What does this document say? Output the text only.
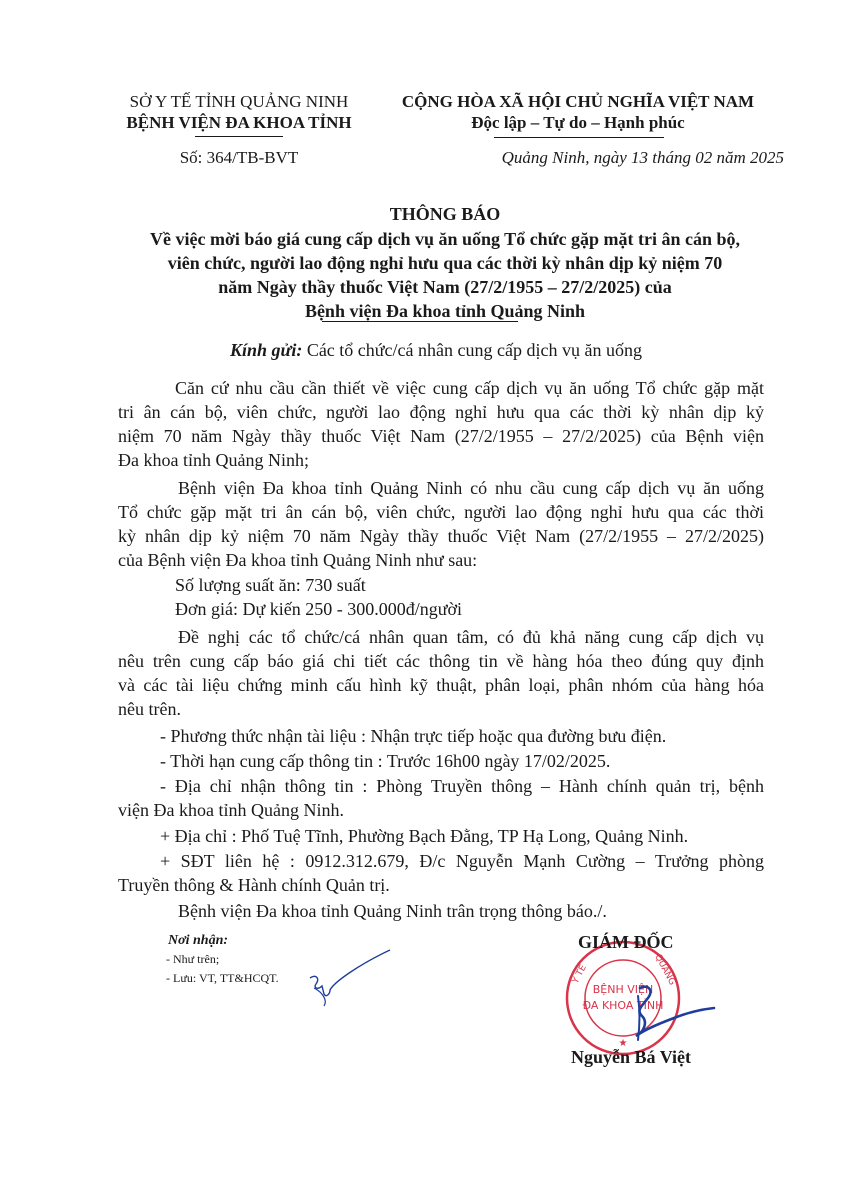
SỞ Y TẾ TỈNH QUẢNG NINH
BỆNH VIỆN ĐA KHOA TỈNH
Số: 364/TB-BVT
CỘNG HÒA XÃ HỘI CHỦ NGHĨA VIỆT NAM
Độc lập – Tự do – Hạnh phúc
Quảng Ninh, ngày 13 tháng 02 năm 2025
THÔNG BÁO
Về việc mời báo giá cung cấp dịch vụ ăn uống Tổ chức gặp mặt tri ân cán bộ,
viên chức, người lao động nghỉ hưu qua các thời kỳ nhân dịp kỷ niệm 70
năm Ngày thầy thuốc Việt Nam (27/2/1955 – 27/2/2025) của
Bệnh viện Đa khoa tỉnh Quảng Ninh
Kính gửi: Các tổ chức/cá nhân cung cấp dịch vụ ăn uống
Căn cứ nhu cầu cần thiết về việc cung cấp dịch vụ ăn uống Tổ chức gặp mặt
tri ân cán bộ, viên chức, người lao động nghỉ hưu qua các thời kỳ nhân dịp kỷ
niệm 70 năm Ngày thầy thuốc Việt Nam (27/2/1955 – 27/2/2025) của Bệnh viện
Đa khoa tỉnh Quảng Ninh;
Bệnh viện Đa khoa tỉnh Quảng Ninh có nhu cầu cung cấp dịch vụ ăn uống
Tổ chức gặp mặt tri ân cán bộ, viên chức, người lao động nghỉ hưu qua các thời
kỳ nhân dịp kỷ niệm 70 năm Ngày thầy thuốc Việt Nam (27/2/1955 – 27/2/2025)
của Bệnh viện Đa khoa tỉnh Quảng Ninh như sau:
Số lượng suất ăn: 730 suất
Đơn giá: Dự kiến 250 - 300.000đ/người
Đề nghị các tổ chức/cá nhân quan tâm, có đủ khả năng cung cấp dịch vụ
nêu trên cung cấp báo giá chi tiết các thông tin về hàng hóa theo đúng quy định
và các tài liệu chứng minh cấu hình kỹ thuật, phân loại, phân nhóm của hàng hóa
nêu trên.
- Phương thức nhận tài liệu : Nhận trực tiếp hoặc qua đường bưu điện.
- Thời hạn cung cấp thông tin : Trước 16h00 ngày 17/02/2025.
- Địa chỉ nhận thông tin : Phòng Truyền thông – Hành chính quản trị, bệnh
viện Đa khoa tỉnh Quảng Ninh.
+ Địa chỉ : Phố Tuệ Tĩnh, Phường Bạch Đằng, TP Hạ Long, Quảng Ninh.
+ SĐT liên hệ : 0912.312.679, Đ/c Nguyễn Mạnh Cường – Trưởng phòng
Truyền thông & Hành chính Quản trị.
Bệnh viện Đa khoa tỉnh Quảng Ninh trân trọng thông báo./.
Nơi nhận:
- Như trên;
- Lưu: VT, TT&HCQT.
GIÁM ĐỐC
Y TẾ	QUẢNG
BỆNH VIỆN
ĐA KHOA TỈNH
★
Nguyễn Bá Việt
